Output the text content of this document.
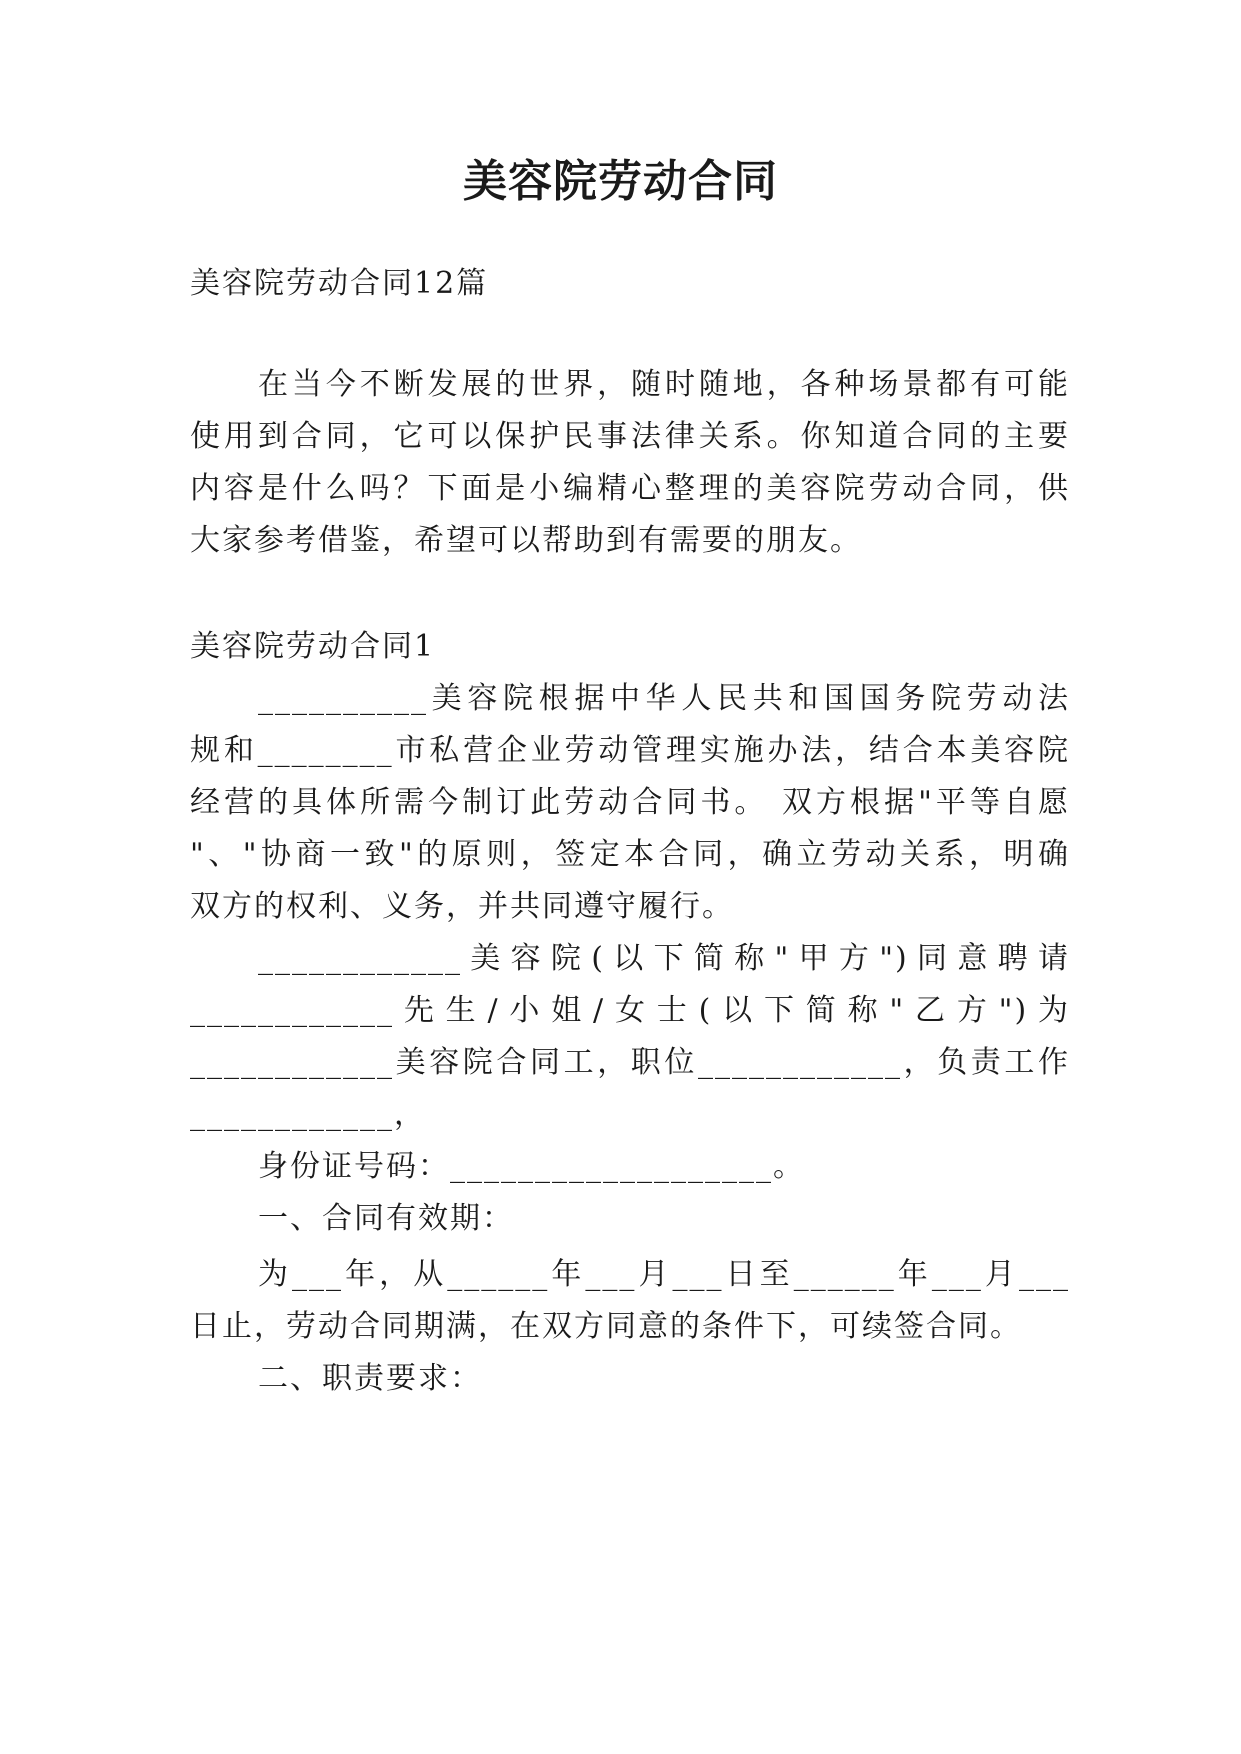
美容院劳动合同
美容院劳动合同12篇
在当今不断发展的世界，随时随地，各种场景都有可能
使用到合同，它可以保护民事法律关系。你知道合同的主要
内容是什么吗？下面是小编精心整理的美容院劳动合同，供
大家参考借鉴，希望可以帮助到有需要的朋友。
美容院劳动合同1
__________美容院根据中华人民共和国国务院劳动法
规和________市私营企业劳动管理实施办法，结合本美容院
经营的具体所需今制订此劳动合同书。 双方根据"平等自愿
"、"协商一致"的原则，签定本合同，确立劳动关系，明确
双方的权利、义务，并共同遵守履行。
____________美容院(以下简称"甲方")同意聘请
____________先生/小姐/女士(以下简称"乙方")为
____________美容院合同工，职位____________，负责工作
____________，
身份证号码：___________________。
一、合同有效期：
为___年，从______年___月___日至______年___月___
日止，劳动合同期满，在双方同意的条件下，可续签合同。
二、职责要求：
